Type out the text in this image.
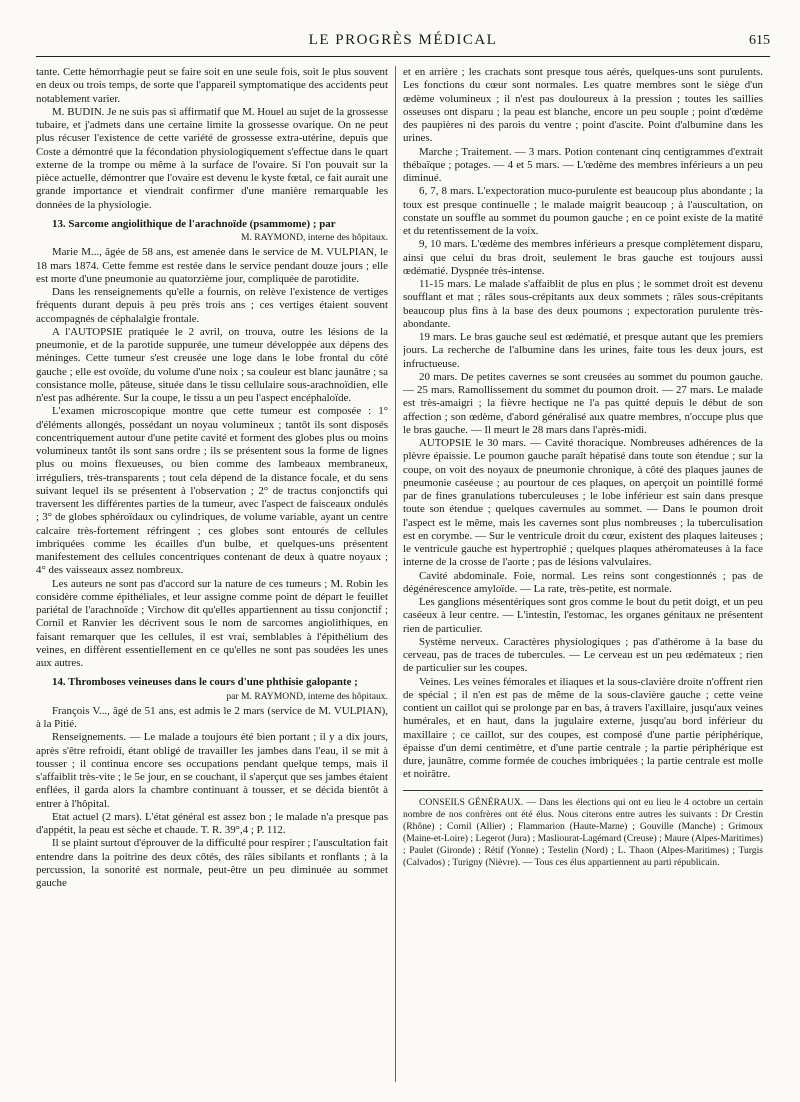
LE PROGRÈS MÉDICAL	615

tante. Cette hémorrhagie peut se faire soit en une seule fois, soit le plus souvent en deux ou trois temps, de sorte que l'appareil symptomatique des accidents peut notablement varier.

M. BUDIN. Je ne suis pas si affirmatif que M. Houel au sujet de la grossesse tubaire, et j'admets dans une certaine limite la grossesse ovarique. On ne peut plus récuser l'existence de cette variété de grossesse extra-utérine, depuis que Coste a démontré que la fécondation physiologiquement s'effectue dans le quart externe de la trompe ou même à la surface de l'ovaire. Si l'on pouvait sur la pièce actuelle, démontrer que l'ovaire est devenu le kyste fœtal, ce fait aurait une grande importance et viendrait confirmer d'une manière remarquable les données de la physiologie.

13. Sarcome angiolithique de l'arachnoïde (psammome) ; par

M. RAYMOND, interne des hôpitaux.

Marie M..., âgée de 58 ans, est amenée dans le service de M. VULPIAN, le 18 mars 1874. Cette femme est restée dans le service pendant douze jours ; elle est morte d'une pneumonie au quatorzième jour, compliquée de parotidite.

Dans les renseignements qu'elle a fournis, on relève l'existence de vertiges fréquents durant depuis à peu près trois ans ; ces vertiges étaient souvent accompagnés de céphalalgie frontale.

A l'AUTOPSIE pratiquée le 2 avril, on trouva, outre les lésions de la pneumonie, et de la parotide suppurée, une tumeur développée aux dépens des méninges. Cette tumeur s'est creusée une loge dans le lobe frontal du côté gauche ; elle est ovoïde, du volume d'une noix ; sa couleur est blanc jaunâtre ; sa consistance molle, pâteuse, située dans le tissu cellulaire sous-arachnoïdien, elle n'est pas adhérente. Sur la coupe, le tissu a un peu l'aspect encéphaloïde.

L'examen microscopique montre que cette tumeur est composée : 1° d'éléments allongés, possédant un noyau volumineux ; tantôt ils sont disposés concentriquement autour d'une petite cavité et forment des globes plus ou moins volumineux tantôt ils sont sans ordre ; ils se présentent sous la forme de lignes plus ou moins flexueuses, ou bien comme des lambeaux membraneux, irréguliers, très-transparents ; tout cela dépend de la distance focale, et du sens suivant lequel ils se présentent à l'observation ; 2° de tractus conjonctifs qui traversent les différentes parties de la tumeur, avec l'aspect de faisceaux ondulés ; 3° de globes sphéroïdaux ou cylindriques, de volume variable, ayant un centre calcaire très-fortement réfringent ; ces globes sont entourés de cellules imbriquées comme les écailles d'un bulbe, et quelques-uns présentent manifestement des cellules concentriques contenant de deux à quatre noyaux ; 4° des vaisseaux assez nombreux.

Les auteurs ne sont pas d'accord sur la nature de ces tumeurs ; M. Robin les considère comme épithéliales, et leur assigne comme point de départ le feuillet pariétal de l'arachnoïde ; Virchow dit qu'elles appartiennent au tissu conjonctif ; Cornil et Ranvier les décrivent sous le nom de sarcomes angiolithiques, en faisant remarquer que les cellules, il est vrai, semblables à l'épithélium des veines, en diffèrent essentiellement en ce qu'elles ne sont pas soudées les unes aux autres.

14. Thromboses veineuses dans le cours d'une phthisie galopante ;

par M. RAYMOND, interne des hôpitaux.

François V..., âgé de 51 ans, est admis le 2 mars (service de M. VULPIAN), à la Pitié.

Renseignements. — Le malade a toujours été bien portant ; il y a dix jours, après s'être refroidi, étant obligé de travailler les jambes dans l'eau, il se mit à tousser ; il continua encore ses occupations pendant quelque temps, mais il s'affaiblit très-vite ; le 5e jour, en se couchant, il s'aperçut que ses jambes étaient enflées, il garda alors la chambre continuant à tousser, et se décida bientôt à entrer à l'hôpital.

Etat actuel (2 mars). L'état général est assez bon ; le malade n'a presque pas d'appétit, la peau est sèche et chaude. T. R. 39°,4 ; P. 112.

Il se plaint surtout d'éprouver de la difficulté pour respirer ; l'auscultation fait entendre dans la poitrine des deux côtés, des râles sibilants et ronflants ; à la percussion, la sonorité est normale, peut-être un peu diminuée au sommet gauche

et en arrière ; les crachats sont presque tous aérés, quelques-uns sont purulents. Les fonctions du cœur sont normales. Les quatre membres sont le siège d'un œdème volumineux ; il n'est pas douloureux à la pression ; toutes les saillies osseuses ont disparu ; la peau est blanche, encore un peu souple ; point d'œdème des paupières ni des parois du ventre ; point d'ascite. Point d'albumine dans les urines.

Marche ; Traitement. — 3 mars. Potion contenant cinq centigrammes d'extrait thébaïque ; potages. — 4 et 5 mars. — L'œdème des membres inférieurs a un peu diminué.

6, 7, 8 mars. L'expectoration muco-purulente est beaucoup plus abondante ; la toux est presque continuelle ; le malade maigrit beaucoup ; à l'auscultation, on constate un souffle au sommet du poumon gauche ; en ce point existe de la matité et du retentissement de la voix.

9, 10 mars. L'œdème des membres inférieurs a presque complètement disparu, ainsi que celui du bras droit, seulement le bras gauche est toujours aussi œdématié. Dyspnée très-intense.

11-15 mars. Le malade s'affaiblit de plus en plus ; le sommet droit est devenu soufflant et mat ; râles sous-crépitants aux deux sommets ; râles sous-crépitants beaucoup plus fins à la base des deux poumons ; expectoration purulente très-abondante.

19 mars. Le bras gauche seul est œdématié, et presque autant que les premiers jours. La recherche de l'albumine dans les urines, faite tous les deux jours, est infructueuse.

20 mars. De petites cavernes se sont creusées au sommet du poumon gauche. — 25 mars. Ramollissement du sommet du poumon droit. — 27 mars. Le malade est très-amaigri ; la fièvre hectique ne l'a pas quitté depuis le début de son affection ; son œdème, d'abord généralisé aux quatre membres, n'occupe plus que le bras gauche. — Il meurt le 28 mars dans l'après-midi.

AUTOPSIE le 30 mars. — Cavité thoracique. Nombreuses adhérences de la plèvre épaissie. Le poumon gauche paraît hépatisé dans toute son étendue ; sur la coupe, on voit des noyaux de pneumonie chronique, à côté des plaques jaunes de pneumonie caséeuse ; au pourtour de ces plaques, on aperçoit un pointillé formé par de fines granulations tuberculeuses ; le lobe inférieur est sain dans presque toute son étendue ; quelques cavernules au sommet. — Dans le poumon droit l'aspect est le même, mais les cavernes sont plus nombreuses ; la tuberculisation est en corymbe. — Sur le ventricule droit du cœur, existent des plaques laiteuses ; le ventricule gauche est hypertrophié ; quelques plaques athéromateuses à la face interne de la crosse de l'aorte ; pas de lésions valvulaires.

Cavité abdominale. Foie, normal. Les reins sont congestionnés ; pas de dégénérescence amyloïde. — La rate, très-petite, est normale.

Les ganglions mésentériques sont gros comme le bout du petit doigt, et un peu caséeux à leur centre. — L'intestin, l'estomac, les organes génitaux ne présentent rien de particulier.

Système nerveux. Caractères physiologiques ; pas d'athérome à la base du cerveau, pas de traces de tubercules. — Le cerveau est un peu œdémateux ; rien de particulier sur les coupes.

Veines. Les veines fémorales et iliaques et la sous-clavière droite n'offrent rien de spécial ; il n'en est pas de même de la sous-clavière gauche ; cette veine contient un caillot qui se prolonge par en bas, à travers l'axillaire, jusqu'aux veines humérales, et en haut, dans la jugulaire externe, jusqu'au bord inférieur du maxillaire ; ce caillot, sur des coupes, est composé d'une partie périphérique, épaisse d'un demi centimètre, et d'une partie centrale ; la partie périphérique est dure, jaunâtre, comme formée de couches imbriquées ; la partie centrale est molle et noirâtre.

CONSEILS GÉNÉRAUX. — Dans les élections qui ont eu lieu le 4 octobre un certain nombre de nos confrères ont été élus. Nous citerons entre autres les suivants : Dr Crestin (Rhône) ; Cornil (Allier) ; Flammarion (Haute-Marne) ; Gouville (Manche) ; Grimoux (Maine-et-Loire) ; Legerot (Jura) ; Masliourat-Lagémard (Creuse) ; Maure (Alpes-Maritimes) ; Paulet (Gironde) ; Rétif (Yonne) ; Testelin (Nord) ; L. Thaon (Alpes-Maritimes) ; Turgis (Calvados) ; Turigny (Nièvre). — Tous ces élus appartiennent au parti républicain.
